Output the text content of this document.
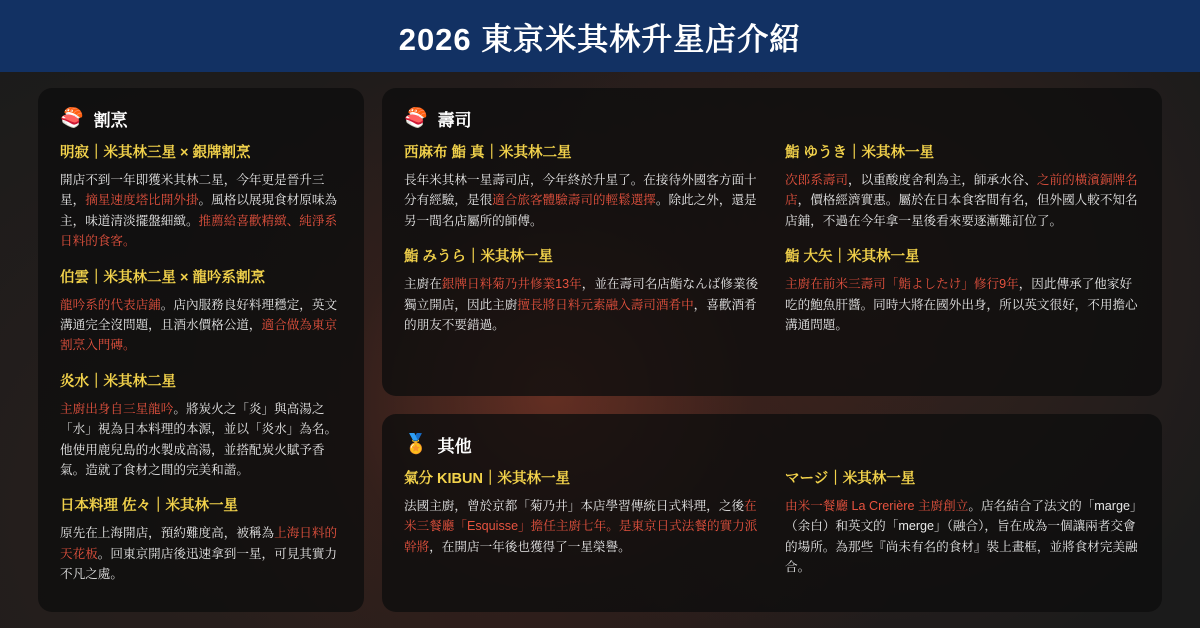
2026 東京米其林升星店介紹
🍣 割烹
明寂｜米其林三星 × 銀牌割烹
開店不到一年即獲米其林二星，今年更是晉升三星，摘星速度塔比開外掛。風格以展現食材原味為主，味道清淡擺盤細緻。推薦給喜歡精緻、純淨系日料的食客。
伯雲｜米其林二星 × 龍吟系割烹
龍吟系的代表店鋪。店內服務良好料理穩定，英文溝通完全沒問題，且酒水價格公道，適合做為東京割烹入門磚。
炎水｜米其林二星
主廚出身自三星龍吟。將炭火之「炎」與高湯之「水」視為日本料理的本源，並以「炎水」為名。他使用鹿兒島的水製成高湯，並搭配炭火賦予香氣。造就了食材之間的完美和諧。
日本料理 佐々｜米其林一星
原先在上海開店，預約難度高，被稱為上海日料的天花板。回東京開店後迅速拿到一星，可見其實力不凡之處。
🍣 壽司
西麻布 鮨 真｜米其林二星
長年米其林一星壽司店，今年終於升星了。在接待外國客方面十分有經驗，是很適合旅客體驗壽司的輕鬆選擇。除此之外，還是另一間名店屬所的師傅。
鮨 みうら｜米其林一星
主廚在銀牌日料菊乃井修業13年，並在壽司名店鮨なんば修業後獨立開店，因此主廚擅長將日料元素融入壽司酒肴中，喜歡酒肴的朋友不要錯過。
鮨 ゆうき｜米其林一星
次郎系壽司，以重酸度舍利為主，師承水谷、之前的橫濱銅牌名店，價格經濟實惠。屬於在日本食客間有名，但外國人較不知名店鋪，不過在今年拿一星後看來要逐漸難訂位了。
鮨 大矢｜米其林一星
主廚在前米三壽司「鮨よしたけ」修行9年，因此傳承了他家好吃的鮑魚肝醬。同時大將在國外出身，所以英文很好，不用擔心溝通問題。
🏅 其他
氣分 KIBUN｜米其林一星
法國主廚，曾於京都「菊乃井」本店學習傳統日式料理，之後在米三餐廳「Esquisse」擔任主廚七年。是東京日式法餐的實力派幹將，在開店一年後也獲得了一星榮譽。
マージ｜米其林一星
由米一餐廳 La Crerière 主廚創立。店名結合了法文的「marge」（余白）和英文的「merge」（融合），旨在成為一個讓兩者交會的場所。為那些『尚未有名的食材』裝上畫框，並將食材完美融合。
